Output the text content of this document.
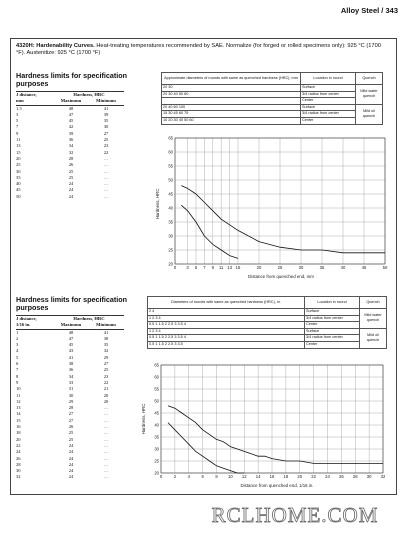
Alloy Steel / 343
4320H: Hardenability Curves. Heat-treating temperatures recommended by SAE. Normalize (for forged or rolled specimens only): 925 °C (1700 °F). Austenitize: 925 °C (1700 °F)
Hardness limits for specification purposes
J distance,	Hardness, HRC	
mm	Maximum	Minimum
1.5	48	41
3	47	39
5	45	35
7	42	30
9	39	27
11	36	25
13	34	23
15	32	22
20	28	...
25	26	...
30	25	...
35	25	...
40	24	...
45	24	...
50	24	...
Approximate diameters of rounds with same as quenched hardness (HRC), mm	Location in round	Quench
20 30	Surface	Mild water quench
20 30 40 50 60	3/4 radius from center	
	Center	
20 40 60 100	Surface	Mild oil quench
15 30 45 60 75	3/4 radius from center	
10 20 30 40 50 60	Center	
Hardness, HRC
Distance from quenched end, mm
20
25
30
35
40
45
50
55
60
65
0 3 5 7 9 11 13 15	20	25	30	35	40	45	50
Hardness limits for specification purposes
J distance,	Hardness, HRC	
1/16 in.	Maximum	Minimum
1	48	41
2	47	38
3	45	35
4	43	32
5	41	29
6	38	27
7	36	25
8	34	23
9	33	22
10	31	21
11	30	20
12	29	20
13	28	...
14	27	...
15	27	...
16	26	...
18	25	...
20	25	...
22	24	...
24	24	...
26	24	...
28	24	...
30	24	...
32	24	...
Diameters of rounds with same as quenched hardness (HRC), in.	Location in round	Quench
2 4	Surface	Mild water quench
1 2 3 4	3/4 radius from center	
0.5 1 1.5 2 2.5 3 3.5 4	Center	
1 2 3 4	Surface	Mild oil quench
0.5 1 1.5 2 2.5 3 3.5 4	3/4 radius from center	
0.5 1 1.5 2 2.5 3 3.5	Center	
Hardness, HRC
Distance from quenched end, 1/16 in.
20
25
30
35
40
45
50
55
60
65
0	2	4	6	8 10 12 14 16 18 20 22 24 26 28 30 32
RCLHOME.COM
